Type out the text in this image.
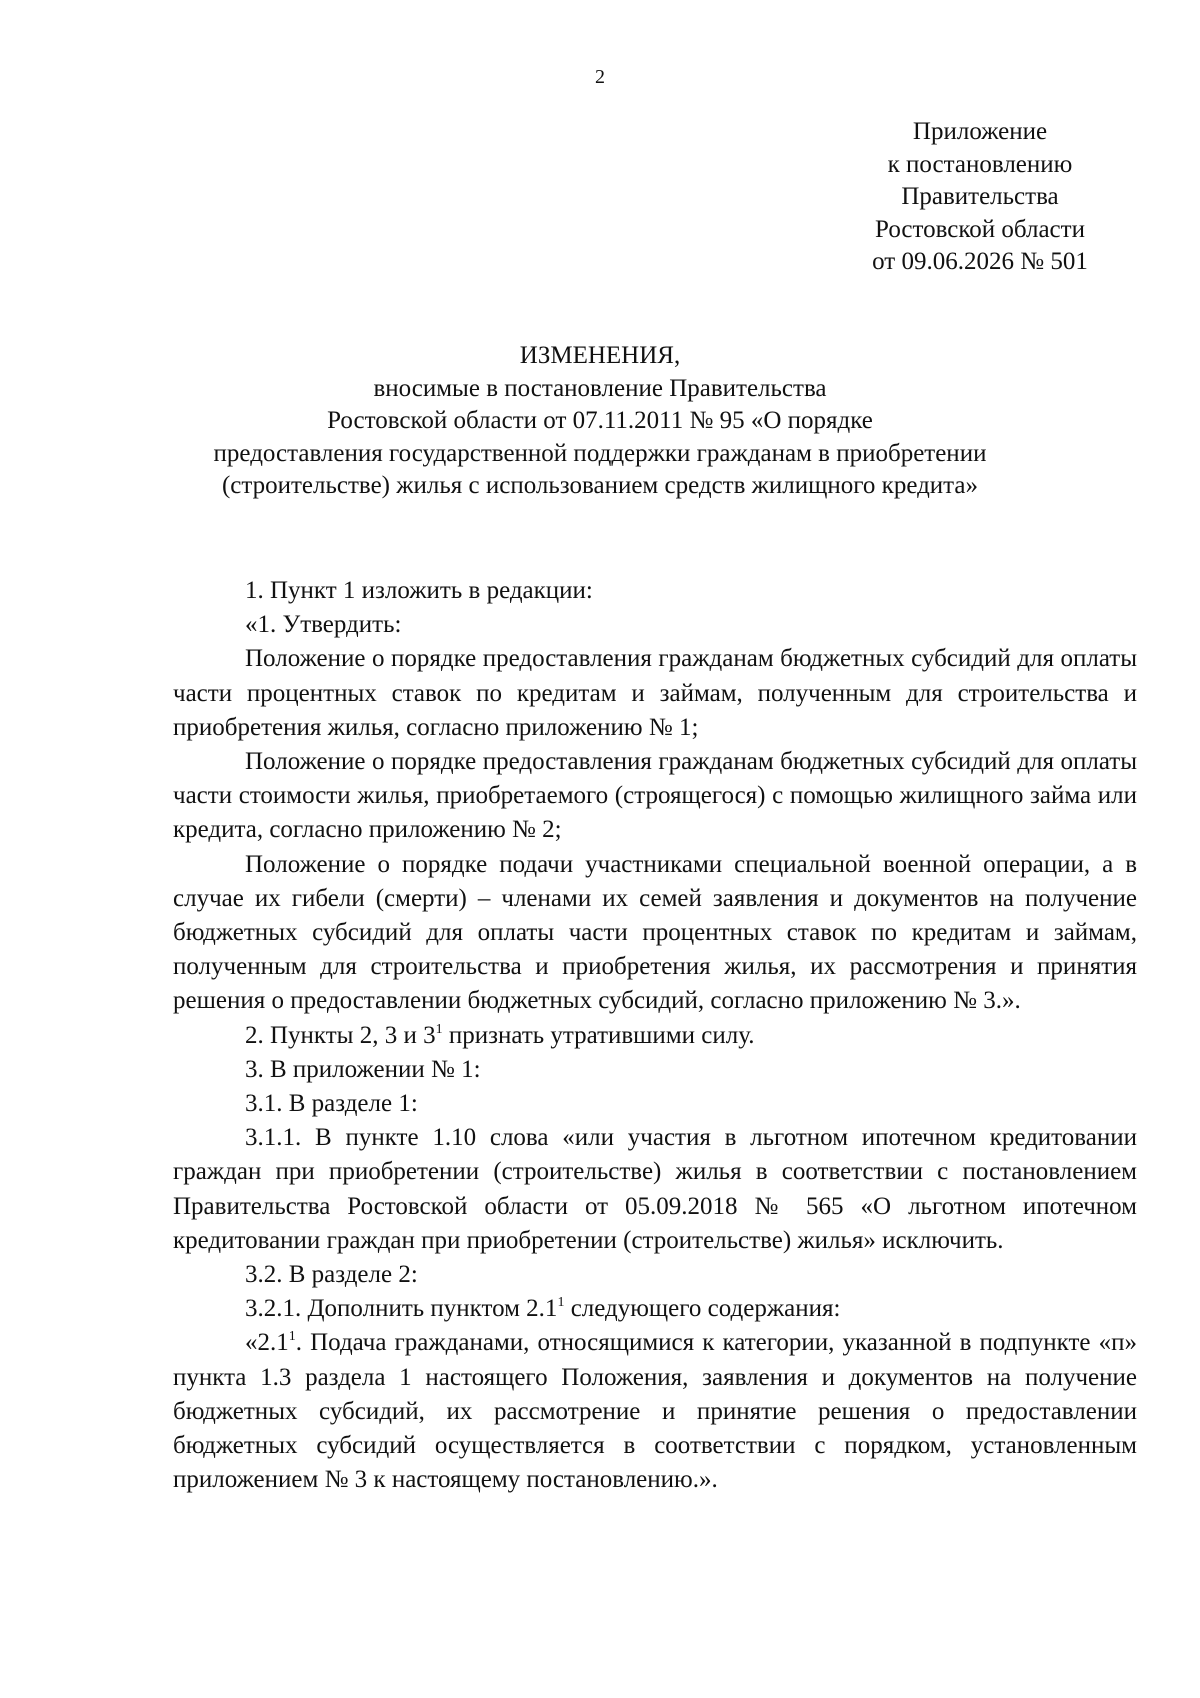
2
Приложение
к постановлению
Правительства
Ростовской области
от 09.06.2026 № 501
ИЗМЕНЕНИЯ,
вносимые в постановление Правительства
Ростовской области от 07.11.2011 № 95 «О порядке
предоставления государственной поддержки гражданам в приобретении
(строительстве) жилья с использованием средств жилищного кредита»

1. Пункт 1 изложить в редакции:

«1. Утвердить:

Положение о порядке предоставления гражданам бюджетных субсидий для оплаты части процентных ставок по кредитам и займам, полученным для строительства и приобретения жилья, согласно приложению № 1;

Положение о порядке предоставления гражданам бюджетных субсидий для оплаты части стоимости жилья, приобретаемого (строящегося) с помощью жилищного займа или кредита, согласно приложению № 2;

Положение о порядке подачи участниками специальной военной операции, а в случае их гибели (смерти) – членами их семей заявления и документов на получение бюджетных субсидий для оплаты части процентных ставок по кредитам и займам, полученным для строительства и приобретения жилья, их рассмотрения и принятия решения о предоставлении бюджетных субсидий, согласно приложению № 3.».

2. Пункты 2, 3 и $3^1$ признать утратившими силу.

3. В приложении № 1:

3.1. В разделе 1:

3.1.1. В пункте 1.10 слова «или участия в льготном ипотечном кредитовании граждан при приобретении (строительстве) жилья в соответствии с постановлением Правительства Ростовской области от 05.09.2018 № 565 «О льготном ипотечном кредитовании граждан при приобретении (строительстве) жилья» исключить.

3.2. В разделе 2:

3.2.1. Дополнить пунктом $2.1^1$ следующего содержания:

«$2.1^1$. Подача гражданами, относящимися к категории, указанной в подпункте «п» пункта 1.3 раздела 1 настоящего Положения, заявления и документов на получение бюджетных субсидий, их рассмотрение и принятие решения о предоставлении бюджетных субсидий осуществляется в соответствии с порядком, установленным приложением № 3 к настоящему постановлению.».
